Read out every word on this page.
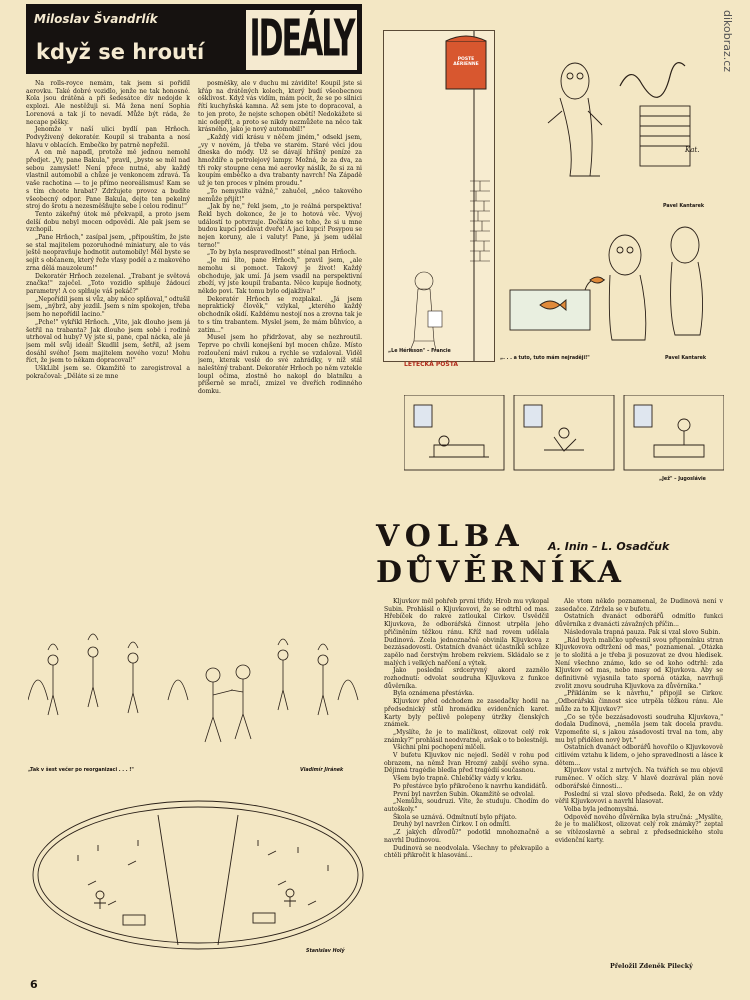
Miloslav Švandrlík
když se hroutí IDEÁLY

Na rolls-royce nemám, tak jsem si pořídil aerovku. Také dobré vozidlo, jenže ne tak honosné. Kola jsou drátěná a při šedesátce dív nedojde k explozi. Ale nestěžuji si. Má žena není Sophia Lorenová a tak jí to nevadí. Může být ráda, že necape pěšky.

Jenomže v naší ulici bydlí pan Hrňoch. Podvyživený dekoratér. Koupil si trabanta a nosí hlavu v oblacích. Embečko by patrně nepřežil.

A on mě napadl, protože mě jednou nemohl předjet. „Vy, pane Bakula," pravil, „byste se měl nad sebou zamyslet! Není přece nutné, aby každý vlastnil automobil a chůze je venkoncem zdravá. Ta vaše rachotina — to je přímo neoreálismus! Kam se s tím chcete hrabat? Zdržujete provoz a budíte všeobecný odpor. Pane Bakula, dejte ten pekelný stroj do šrotu a nezesměšňujte sebe i celou rodinu!"

Tento zákeřný útok mě překvapil, a proto jsem delší dobu nebyl mocen odpovědi. Ale pak jsem se vzchopil.

„Pane Hrňoch," zasípal jsem, „připouštím, že jste se stal majitelem pozoruhodné miniatury, ale to vás ještě neopravňuje hodnotit automobily! Měl byste se sejít s občanem, který řeže vlasy podél a z makového zrna dělá mauzoleum!"

Dekoratér Hrňoch zezelenal. „Trabant je světová značka!" zaječel. „Toto vozidlo splňuje žádoucí parametry! A co splňuje váš pekáč?"

„Nepořídil jsem si vůz, aby něco splňoval," odtušil jsem, „nýbrž, aby jezdil. Jsem s ním spokojen, třeba jsem ho nepořídil lacino."

„Pche!" vykřikl Hrňoch. „Vite, jak dlouho jsem já šetřil na trabanta? Jak dlouho jsem sobě i rodině utrhoval od huby? Vy jste si, pane, cpal nácka, ale já jsem měl svůj ideál! Škudlil jsem, šetřil, až jsem dosáhl svého! Jsem majitelem nového vozu! Mohu říct, že jsem to někam dopracoval!"

UškLibl jsem se. Okamžitě to zaregistroval a pokračoval: „Děláte si ze mne

posměšky, ale v duchu mi závidíte! Koupil jste si křáp na drátěných kolech, který budí všeobecnou ošklivost. Když vás vidím, mám pocit, že se po silnici řítí kuchyňská kamna. Až sem jste to dopracoval, a to jen proto, že nejste schopen obětí! Nedokážete si nic odepřít, a proto se nikdy nezmůžete na něco tak krásného, jako je nový automobil!"

„Každý vidí krásu v něčem jiném," odsekl jsem, „vy v novém, já třeba ve starém. Staré věci jdou dneska do módy. Už se dávají hříšný peníze za hmoždíře a petrolejový lampy. Možná, že za dva, za tři roky stoupne cena mé aerovky náslík, že si za ni koupím embéčko a dva trabanty navrch! Na Západě už je ten proces v plném proudu."

„To nemyslíte vážně," zahučel, „něco takového nemůže přijít!"

„Jak by ne," řekl jsem, „to je reálná perspektiva! Řekl bych dokonce, že je to hotová věc. Vývoj událostí to potvrzuje. Dočkáte se toho, že si u mne budou kupci podávat dveře! A jací kupci! Posypou se nejen koruny, ale i valuty! Pane, já jsem udělal terno!"

„To by byla nespravedlnost!" sténal pan Hrňoch.

„Je mi líto, pane Hrňoch," pravil jsem, „ale nemohu si pomoct. Takový je život! Každý obchoduje, jak umí. Já jsem vsadil na perspektivní zboží, vy jste koupil trabanta. Něco kupuje hodnoty, někdo povi. Tak tomu bylo odjakživa!"

Dekoratér Hrňoch se rozplakal. „Já jsem nepraktický člověk," vzlykal, „kterého každý obchodník ošidí. Každému nestojí nos a zrovna tak je to s tím trabantem. Myslel jsem, že mám bůhvíco, a zatím..."

Musel jsem ho přidržovat, aby se nezhroutil. Teprve po chvíli konejšení byl mocen chůze. Místo rozloučení mávl rukou a rychle se vzdaloval. Viděl jsem, kterak veslé do své zahrádky, v níž stál naleštěný trabant. Dekoratér Hrňoch po něm vztekle loupl očima, zlostně ho nakopl do blatníku a příšerně se mračí, zmizel ve dveřích rodinného domku.

dikobraz.cz
POSTE AÉRIENNE
„Le Hérisson" – Francie
LETECKÁ POŠTA
Kat.
Pavel Kantarek
„. . . a tuto, tuto mám nejraději!"	Pavel Kantarek
„Jež" – Jugoslávie
VOLBA
DŮVĚRNÍKA
A. Inin – L. Osadčuk

Kljuvkov měl pohřeb první třídy. Hrob mu vykopal Subin. Prohlásil o Kljuvkovovi, že se odtrhl od mas. Hřebíček do rakve zatloukal Cirkov. Usvědčil Kljuvkova, že odborářská činnost utrpěla jeho přičiněním těžkou ránu. Kříž nad rovem udělala Dudinová. Zcela jednoznačně obvinila Kljuvkova z bezzásadovosti. Ostatních dvanáct účastníků schůze zapělo nad čerstvým hrobem rekviem. Skládalo se z malých i velkých nařčení a výtek.

Jako poslední srdceryvný akord zaznělo rozhodnutí: odvolat soudruha Kljuvkova z funkce důvěrníka.

Byla oznámena přestávka.

Kljuvkov před odchodem ze zasedačky hodil na předsednický stůl hromádku evidenčních karet. Karty byly pečlivě polepeny útržky členských známek.

„Myslíte, že je to maličkost, olizovat celý rok známky?" prohlásil neodvratně, avšak o to bolestněji.

Všichni plni pochopení mlčeli.

V bufetu Kljuvkov nic nejedl. Seděl v rohu pod obrazem, na němž Ivan Hrozný zabíjí svého syna. Dějinná tragédie bledla před tragédií současnou.

Všem bylo trapně. Chlebíčky vázly v krku.

Po přestávce bylo přikročeno k navrhu kandidátů.

První byl navržen Subin. Okamžitě se odvolal.

„Nemůžu, soudruzi. Víte, že studuju. Chodím do autoškoly."

Škola se uznává. Odmítnutí bylo přijato.

Druhý byl navržen Čírkov. I on odmítl.

„Z jakých důvodů?" podotkl mnohoznačně a navrhl Dudinovou.

Dudinová se neodvolala. Všechny to překvapilo a chtěli přikročit k hlasování...

Ale vtom někdo poznamenal, že Dudinová není v zasedačce. Zdržela se v bufetu.

Ostatních dvanáct odborářů odmítlo funkci důvěrníka z dvanácti závažných příčin...

Následovala trapná pauza. Pak si vzal slovo Subin.

„Rád bych maličko upřesnil svou připomínku stran Kljuvkovova odtržení od mas," poznamenal. „Otázka je to složitá a je třeba ji posuzovat ze dvou hledisek. Není všechno známo, kdo se od koho odtrhl: zda Kljuvkov od mas, nebo masy od Kljuvkova. Aby se definitivně vyjasnila tato sporná otázka, navrhuji zvolit znovu soudruha Kljuvkova za důvěrníka."

„Přikláním se k návrhu," připojil se Cirkov. „Odborářská činnost sice utrpěla těžkou ránu. Ale může za to Kljuvkov?"

„Co se týče bezzásadovosti soudruha Kljuvkova," dodala Dudinová, „neměla jsem tak docela pravdu. Vzpomeňte si, s jakou zásadovostí trval na tom, aby mu byl přidělen nový byt."

Ostatních dvanáct odborářů hovořilo o Kljuvkovově citlivém vztahu k lidem, o jeho spravedlnosti a lásce k dětem...

Kljuvkov vstal z mrtvých. Na tvářích se mu objevil ruměnec. V očích slzy. V hlavě dozrával plán nové odborářské činnosti...

Poslední si vzal slovo předseda. Řekl, že on vždy věřil Kljuvkovovi a navrhl hlasovat.

Volba byla jednomyslná.

Odpověď nového důvěrníka byla stručná: „Myslíte, že je to maličkost, olizovat celý rok známky?" zeptal se vítězoslavně a sebral z předsednického stolu evidenční karty.

Přeložil Zdeněk Pilecký
„Tak v šest večer po reorganizaci . . . !"	Vladimír Jiránek
Stanislav Holý
6
